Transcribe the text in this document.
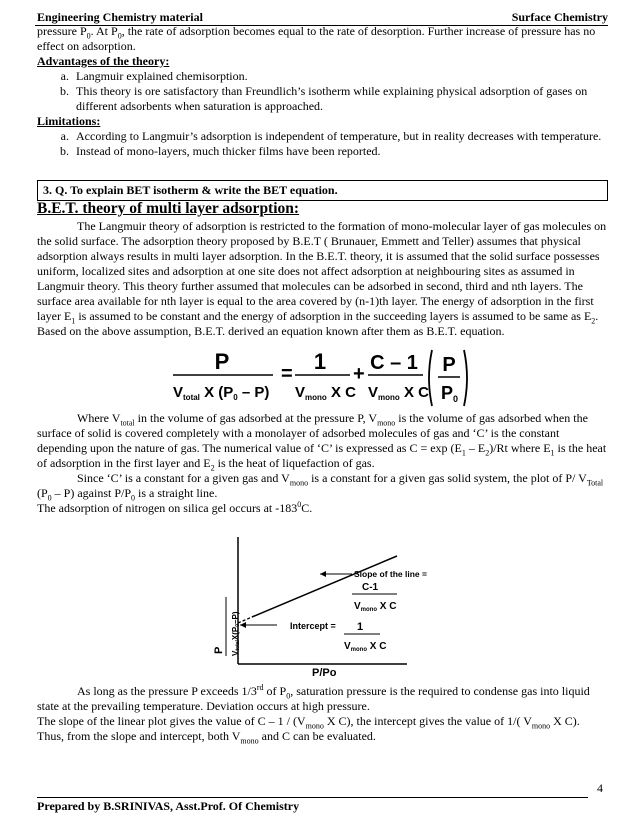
Engineering Chemistry material	Surface Chemistry

pressure $P_0$. At $P_0$, the rate of adsorption becomes equal to the rate of desorption. Further increase of pressure has no effect on adsorption.

Advantages of the theory:

a. Langmuir explained chemisorption.
b. This theory is ore satisfactory than Freundlich’s isotherm while explaining physical adsorption of gases on different adsorbents when saturation is approached.

Limitations:

a. According to Langmuir’s adsorption is independent of temperature, but in reality decreases with temperature.
b. Instead of mono-layers, much thicker films have been reported.
3. Q. To explain BET isotherm & write the BET equation.
B.E.T. theory of multi layer adsorption:

The Langmuir theory of adsorption is restricted to the formation of mono-molecular layer of gas molecules on the solid surface. The adsorption theory proposed by B.E.T ( Brunauer, Emmett and Teller) assumes that physical adsorption always results in multi layer adsorption. In the B.E.T. theory, it is assumed that the solid surface possesses uniform, localized sites and adsorption at one site does not affect adsorption at neighbouring sites as assumed in Langmuir theory. This theory further assumed that molecules can be adsorbed in second, third and nth layers. The surface area available for nth layer is equal to the area covered by (n-1)th layer. The energy of adsorption in the first layer $E_1$ is assumed to be constant and the energy of adsorption in the succeeding layers is assumed to be same as $E_2$. Based on the above assumption, B.E.T. derived an equation known after them as B.E.T. equation.

P
$V_{total}$ X $(P_0 - P)$
= 1
$V_{mono}$ X C
+ C – 1
$V_{mono}$ X C
P
P0

Where $V_{total}$ in the volume of gas adsorbed at the pressure P, $V_{mono}$ is the volume of gas adsorbed when the surface of solid is covered completely with a monolayer of adsorbed molecules of gas and ‘C’ is the constant depending upon the nature of gas. The numerical value of ‘C’ is expressed as $C = \exp (E_1 - E_2)/Rt$ where $E_1$ is the heat of adsorption in the first layer and $E_2$ is the heat of liquefaction of gas.

Since ‘C’ is a constant for a given gas and $V_{mono}$ is a constant for a given gas solid system, the plot of P/ $V_{Total}$ $(P_0 - P)$ against $P/P_0$ is a straight line.

The adsorption of nitrogen on silica gel occurs at $-183^0C$.

Slope of the line =
C-1
$V_{mono}$ X C
Intercept = 1
$V_{mono}$ X C
P/Po
P VtotalX(P0–P)

As long as the pressure P exceeds 1/3rd of $P_0$, saturation pressure is the required to condense gas into liquid state at the prevailing temperature. Deviation occurs at high pressure.

The slope of the linear plot gives the value of C – $1 / (V_{mono}$ X C), the intercept gives the value of 1/( $V_{mono}$ X C).

Thus, from the slope and intercept, both $V_{mono}$ and C can be evaluated.

4
Prepared by B.SRINIVAS, Asst.Prof. Of Chemistry
